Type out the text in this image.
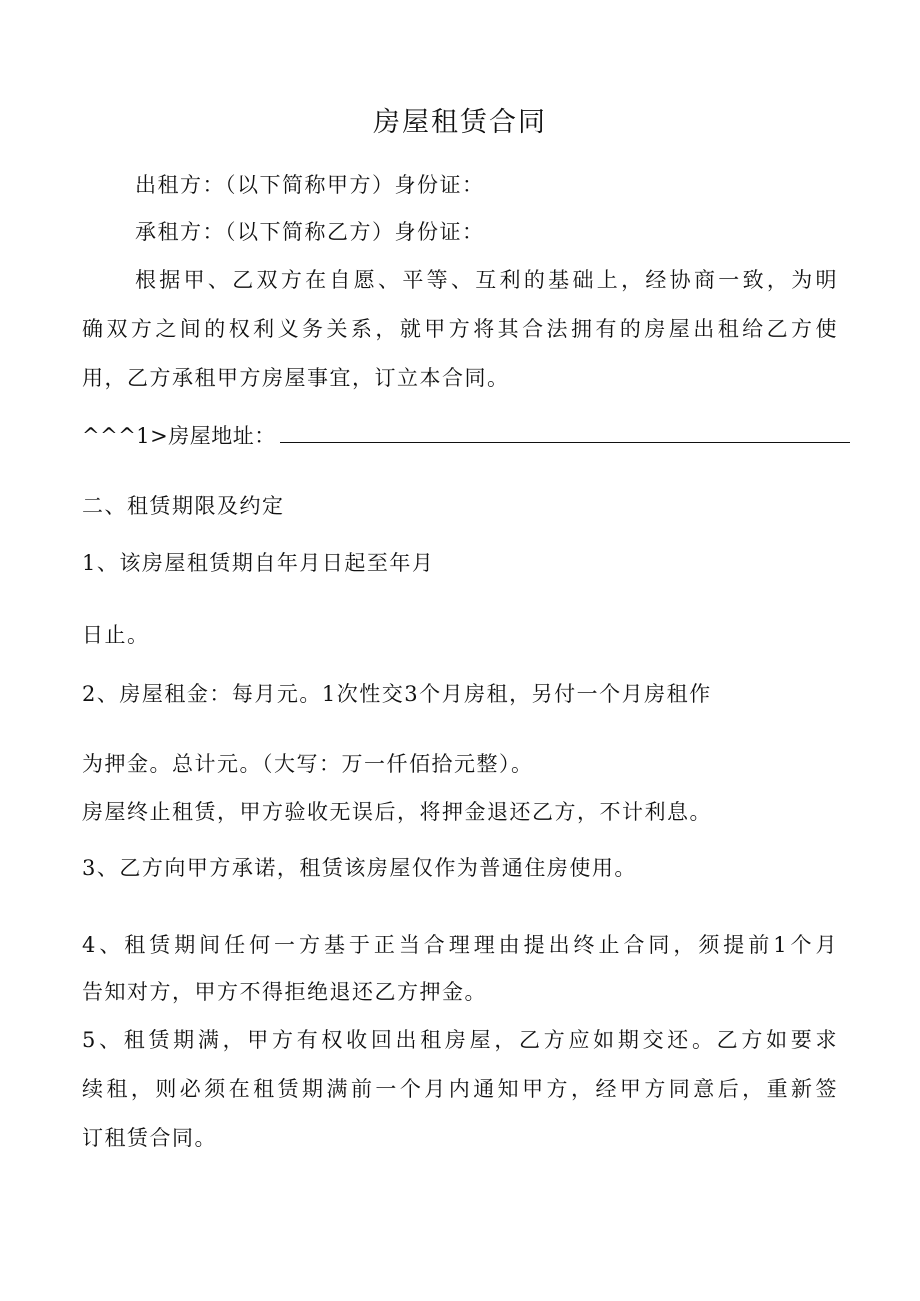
房屋租赁合同
出租方：（以下简称甲方）身份证：
承租方：（以下简称乙方）身份证：
根据甲、乙双方在自愿、平等、互利的基础上，经协商一致，为明
确双方之间的权利义务关系，就甲方将其合法拥有的房屋出租给乙方使
用，乙方承租甲方房屋事宜，订立本合同。
^^^1>房屋地址：
二、租赁期限及约定
1、该房屋租赁期自年月日起至年月
日止。
2、房屋租金：每月元。1次性交3个月房租，另付一个月房租作
为押金。总计元。（大写：万一仟佰拾元整）。
房屋终止租赁，甲方验收无误后，将押金退还乙方，不计利息。
3、乙方向甲方承诺，租赁该房屋仅作为普通住房使用。
4、租赁期间任何一方基于正当合理理由提出终止合同，须提前1个月
告知对方，甲方不得拒绝退还乙方押金。
5、租赁期满，甲方有权收回出租房屋，乙方应如期交还。乙方如要求
续租，则必须在租赁期满前一个月内通知甲方，经甲方同意后，重新签
订租赁合同。
